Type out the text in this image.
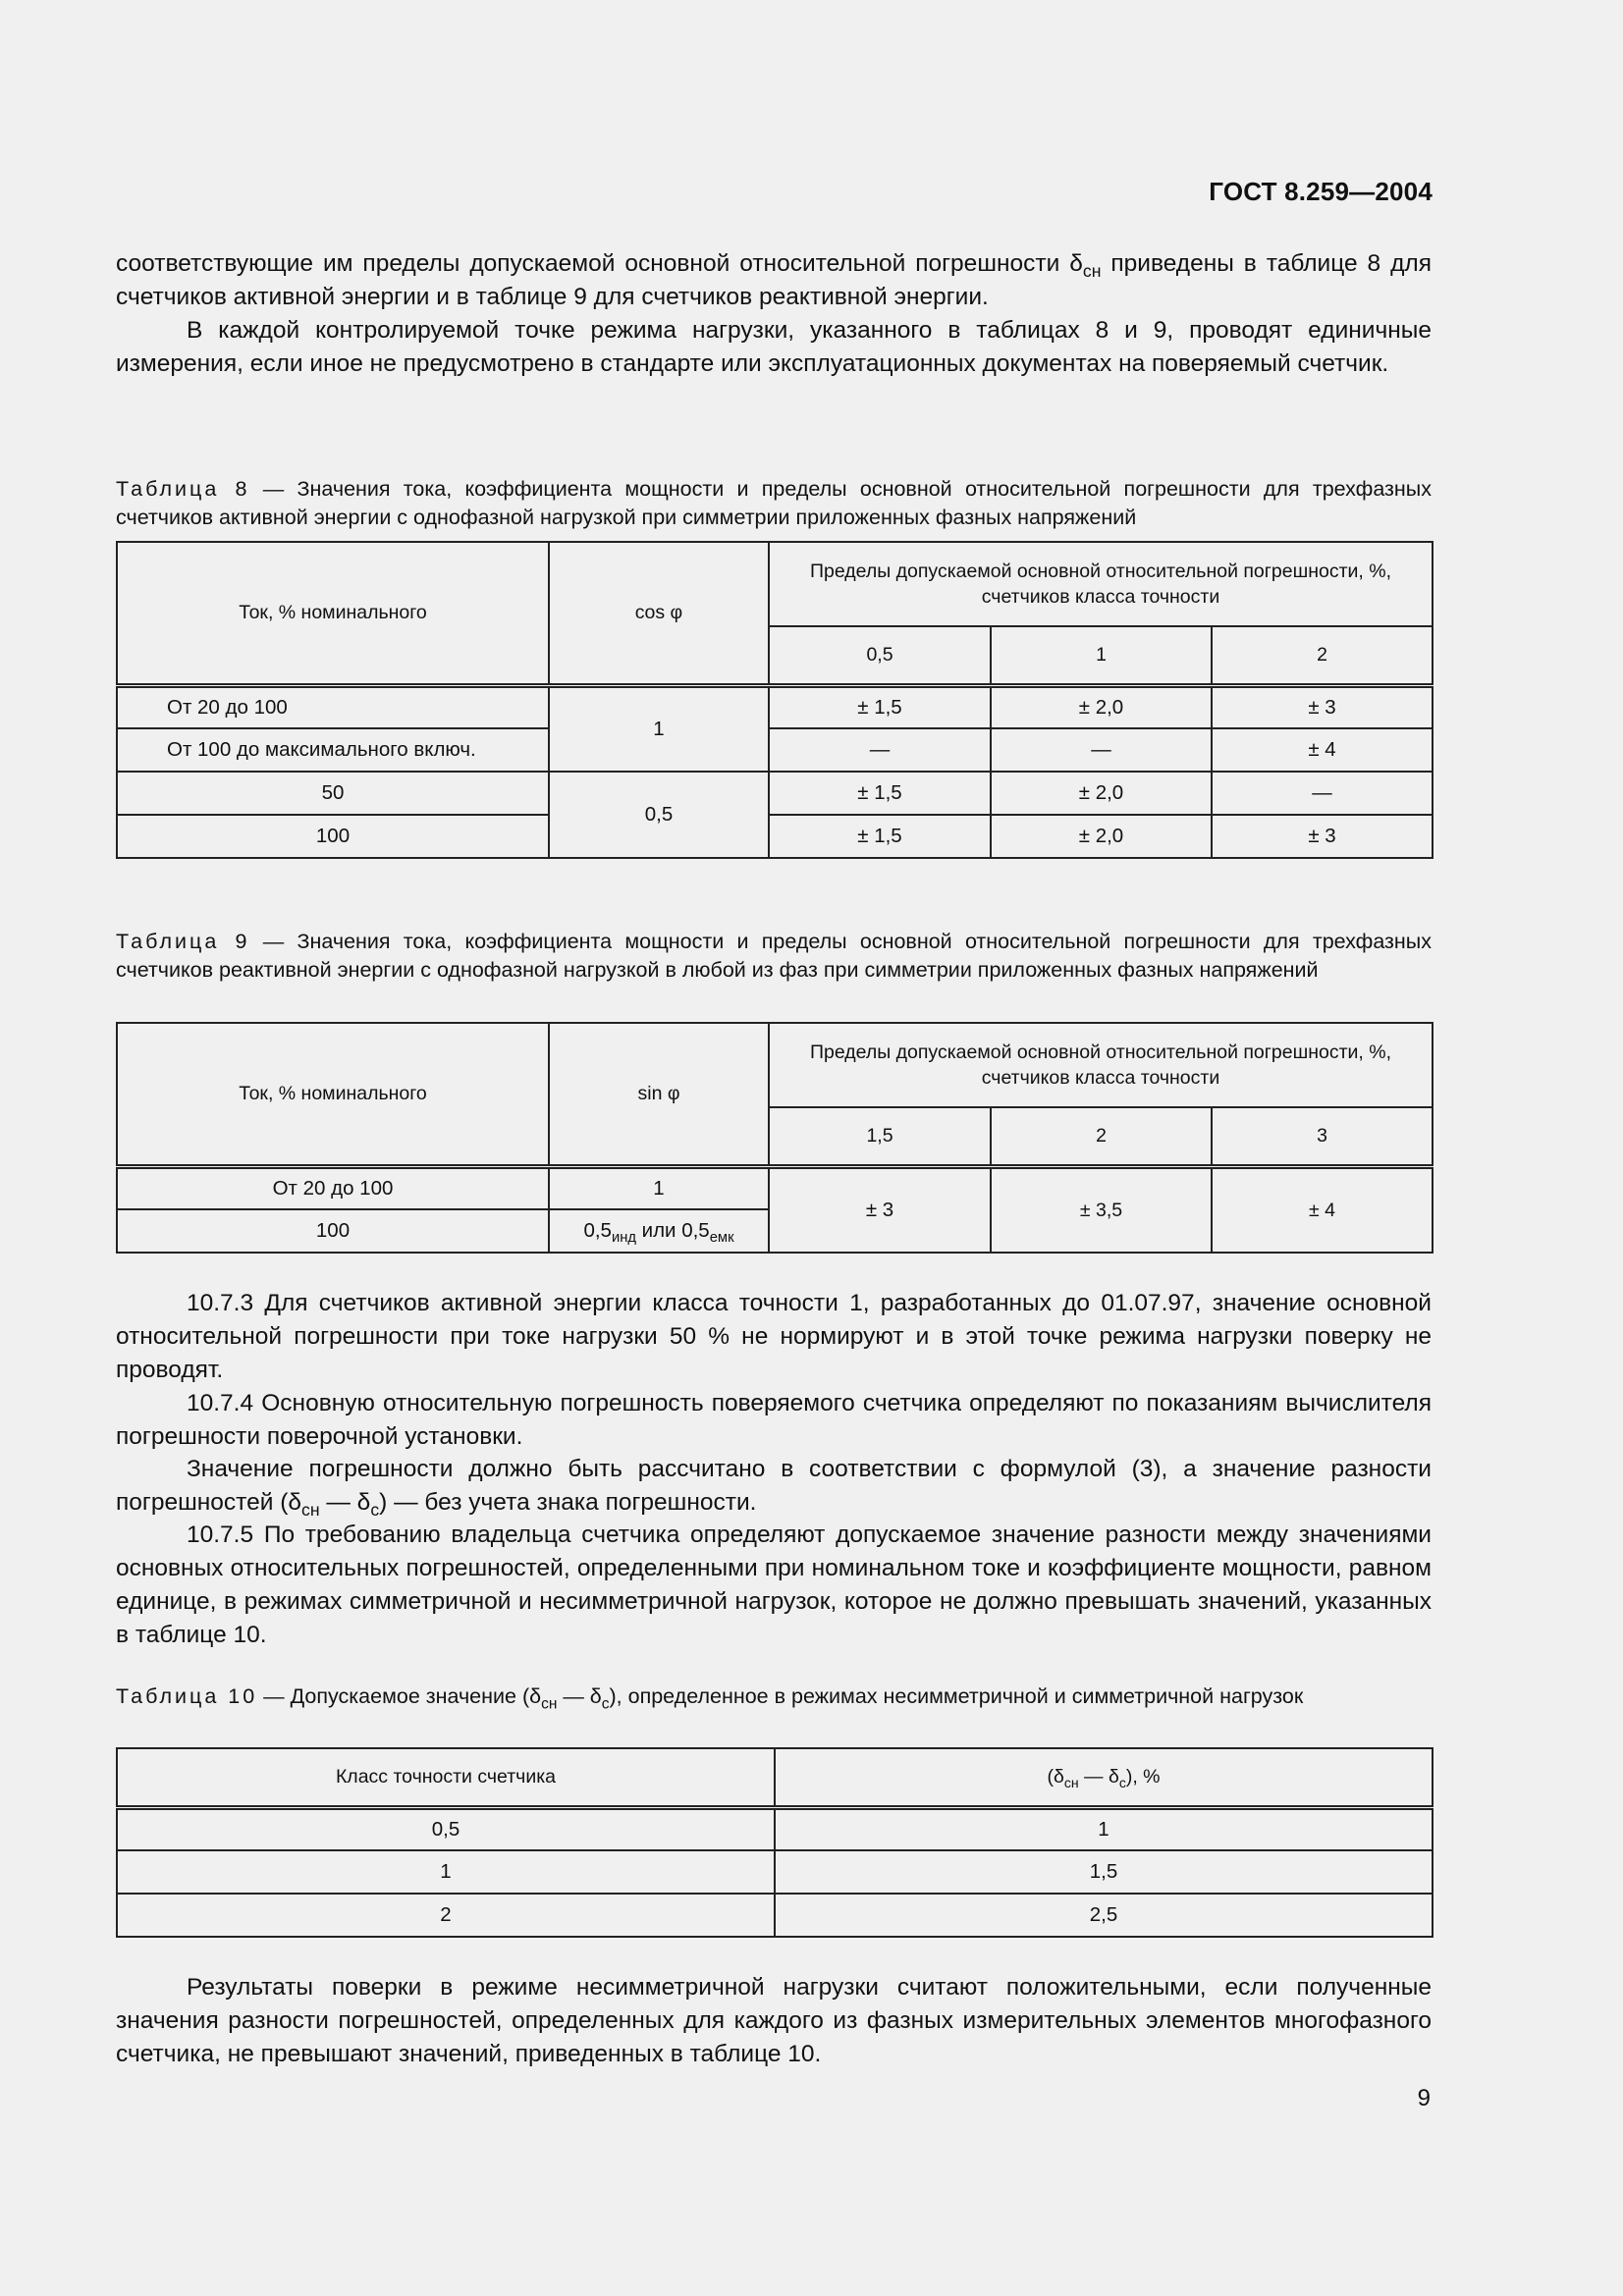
ГОСТ 8.259—2004

соответствующие им пределы допускаемой основной относительной погрешности $\delta_{сн}$ приведены в таблице 8 для счетчиков активной энергии и в таблице 9 для счетчиков реактивной энергии.

В каждой контролируемой точке режима нагрузки, указанного в таблицах 8 и 9, проводят единичные измерения, если иное не предусмотрено в стандарте или эксплуатационных документах на поверяемый счетчик.

Таблица 8 — Значения тока, коэффициента мощности и пределы основной относительной погрешности для трехфазных счетчиков активной энергии с однофазной нагрузкой при симметрии приложенных фазных напряжений

Ток, % номинального	cos φ	Пределы допускаемой основной относительной погрешности, %, счетчиков класса точности		
		0,5	1	2
От 20 до 100	1	± 1,5	± 2,0	± 3
От 100 до максимального включ.		—	—	± 4
50	0,5	± 1,5	± 2,0	—
100		± 1,5	± 2,0	± 3

Таблица 9 — Значения тока, коэффициента мощности и пределы основной относительной погрешности для трехфазных счетчиков реактивной энергии с однофазной нагрузкой в любой из фаз при симметрии приложенных фазных напряжений

Ток, % номинального	sin φ	Пределы допускаемой основной относительной погрешности, %, счетчиков класса точности		
		1,5	2	3
От 20 до 100	1	± 3	± 3,5	± 4
100	$0,5_{инд}$ или $0,5_{емк}$

10.7.3 Для счетчиков активной энергии класса точности 1, разработанных до 01.07.97, значение основной относительной погрешности при токе нагрузки 50 % не нормируют и в этой точке режима нагрузки поверку не проводят.

10.7.4 Основную относительную погрешность поверяемого счетчика определяют по показаниям вычислителя погрешности поверочной установки.

Значение погрешности должно быть рассчитано в соответствии с формулой (3), а значение разности погрешностей ($\delta_{сн}$ — $\delta_с$) — без учета знака погрешности.

10.7.5 По требованию владельца счетчика определяют допускаемое значение разности между значениями основных относительных погрешностей, определенными при номинальном токе и коэффициенте мощности, равном единице, в режимах симметричной и несимметричной нагрузок, которое не должно превышать значений, указанных в таблице 10.

Таблица 10 — Допускаемое значение ($\delta_{сн}$ — $\delta_с$), определенное в режимах несимметричной и симметричной нагрузок

Класс точности счетчика	($\delta_{сн}$ — $\delta_с$), %
0,5	1
1	1,5
2	2,5

Результаты поверки в режиме несимметричной нагрузки считают положительными, если полученные значения разности погрешностей, определенных для каждого из фазных измерительных элементов многофазного счетчика, не превышают значений, приведенных в таблице 10.

9
